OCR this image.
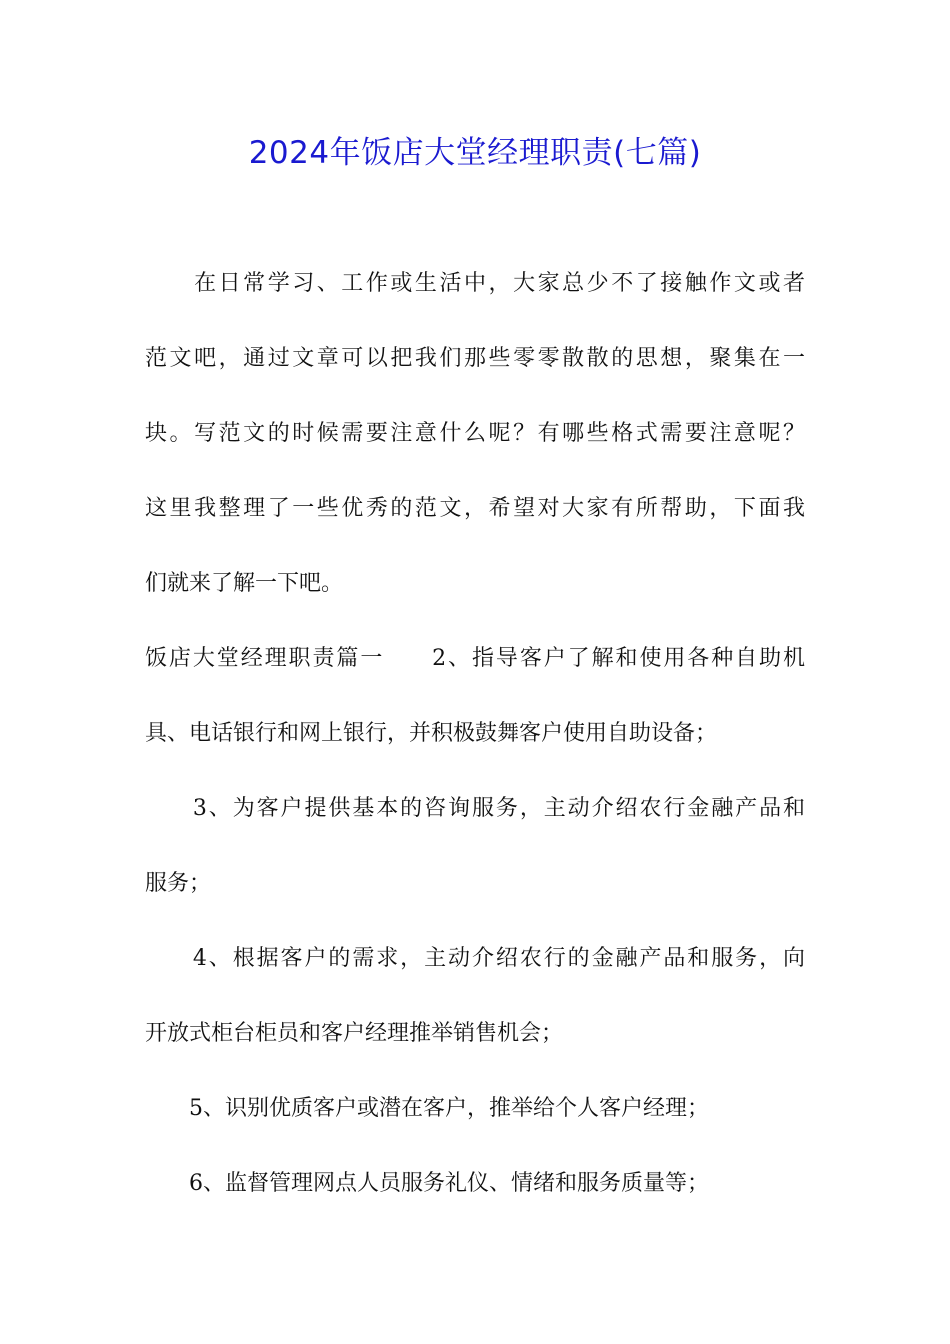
2024年饭店大堂经理职责(七篇)
　　在日常学习、工作或生活中，大家总少不了接触作文或者
范文吧，通过文章可以把我们那些零零散散的思想，聚集在一
块。写范文的时候需要注意什么呢？有哪些格式需要注意呢？
这里我整理了一些优秀的范文，希望对大家有所帮助，下面我
们就来了解一下吧。
饭店大堂经理职责篇一　　2、指导客户了解和使用各种自助机
具、电话银行和网上银行，并积极鼓舞客户使用自助设备；
　　3、为客户提供基本的咨询服务，主动介绍农行金融产品和
服务；
　　4、根据客户的需求，主动介绍农行的金融产品和服务，向
开放式柜台柜员和客户经理推举销售机会；
　　5、识别优质客户或潜在客户，推举给个人客户经理；
　　6、监督管理网点人员服务礼仪、情绪和服务质量等；
